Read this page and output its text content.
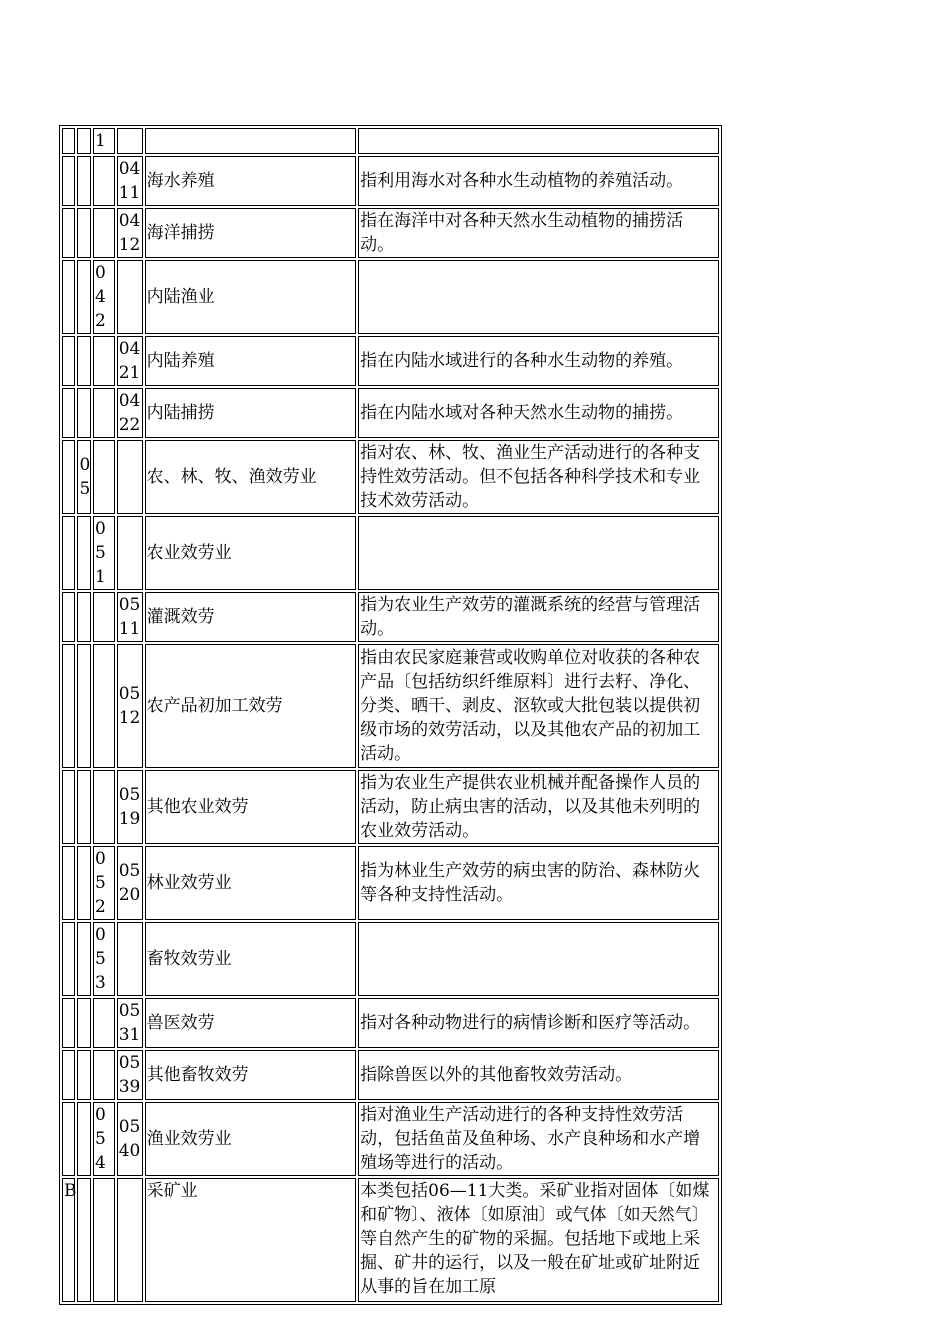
		1			
			0411	海水养殖	指利用海水对各种水生动植物的养殖活动。
			0412	海洋捕捞	指在海洋中对各种天然水生动植物的捕捞活动。
		042		内陆渔业	
			0421	内陆养殖	指在内陆水域进行的各种水生动物的养殖。
			0422	内陆捕捞	指在内陆水域对各种天然水生动物的捕捞。
	05			农、林、牧、渔效劳业	指对农、林、牧、渔业生产活动进行的各种支持性效劳活动。但不包括各种科学技术和专业技术效劳活动。
		051		农业效劳业	
			0511	灌溉效劳	指为农业生产效劳的灌溉系统的经营与管理活动。
			0512	农产品初加工效劳	指由农民家庭兼营或收购单位对收获的各种农产品〔包括纺织纤维原料〕进行去籽、净化、分类、晒干、剥皮、沤软或大批包装以提供初级市场的效劳活动，以及其他农产品的初加工活动。
			0519	其他农业效劳	指为农业生产提供农业机械并配备操作人员的活动，防止病虫害的活动，以及其他未列明的农业效劳活动。
		052	0520	林业效劳业	指为林业生产效劳的病虫害的防治、森林防火等各种支持性活动。
		053		畜牧效劳业	
			0531	兽医效劳	指对各种动物进行的病情诊断和医疗等活动。
			0539	其他畜牧效劳	指除兽医以外的其他畜牧效劳活动。
		054	0540	渔业效劳业	指对渔业生产活动进行的各种支持性效劳活动，包括鱼苗及鱼种场、水产良种场和水产增殖场等进行的活动。
B				采矿业	本类包括06—11大类。采矿业指对固体〔如煤和矿物〕、液体〔如原油〕或气体〔如天然气〕等自然产生的矿物的采掘。包括地下或地上采掘、矿井的运行，以及一般在矿址或矿址附近从事的旨在加工原
